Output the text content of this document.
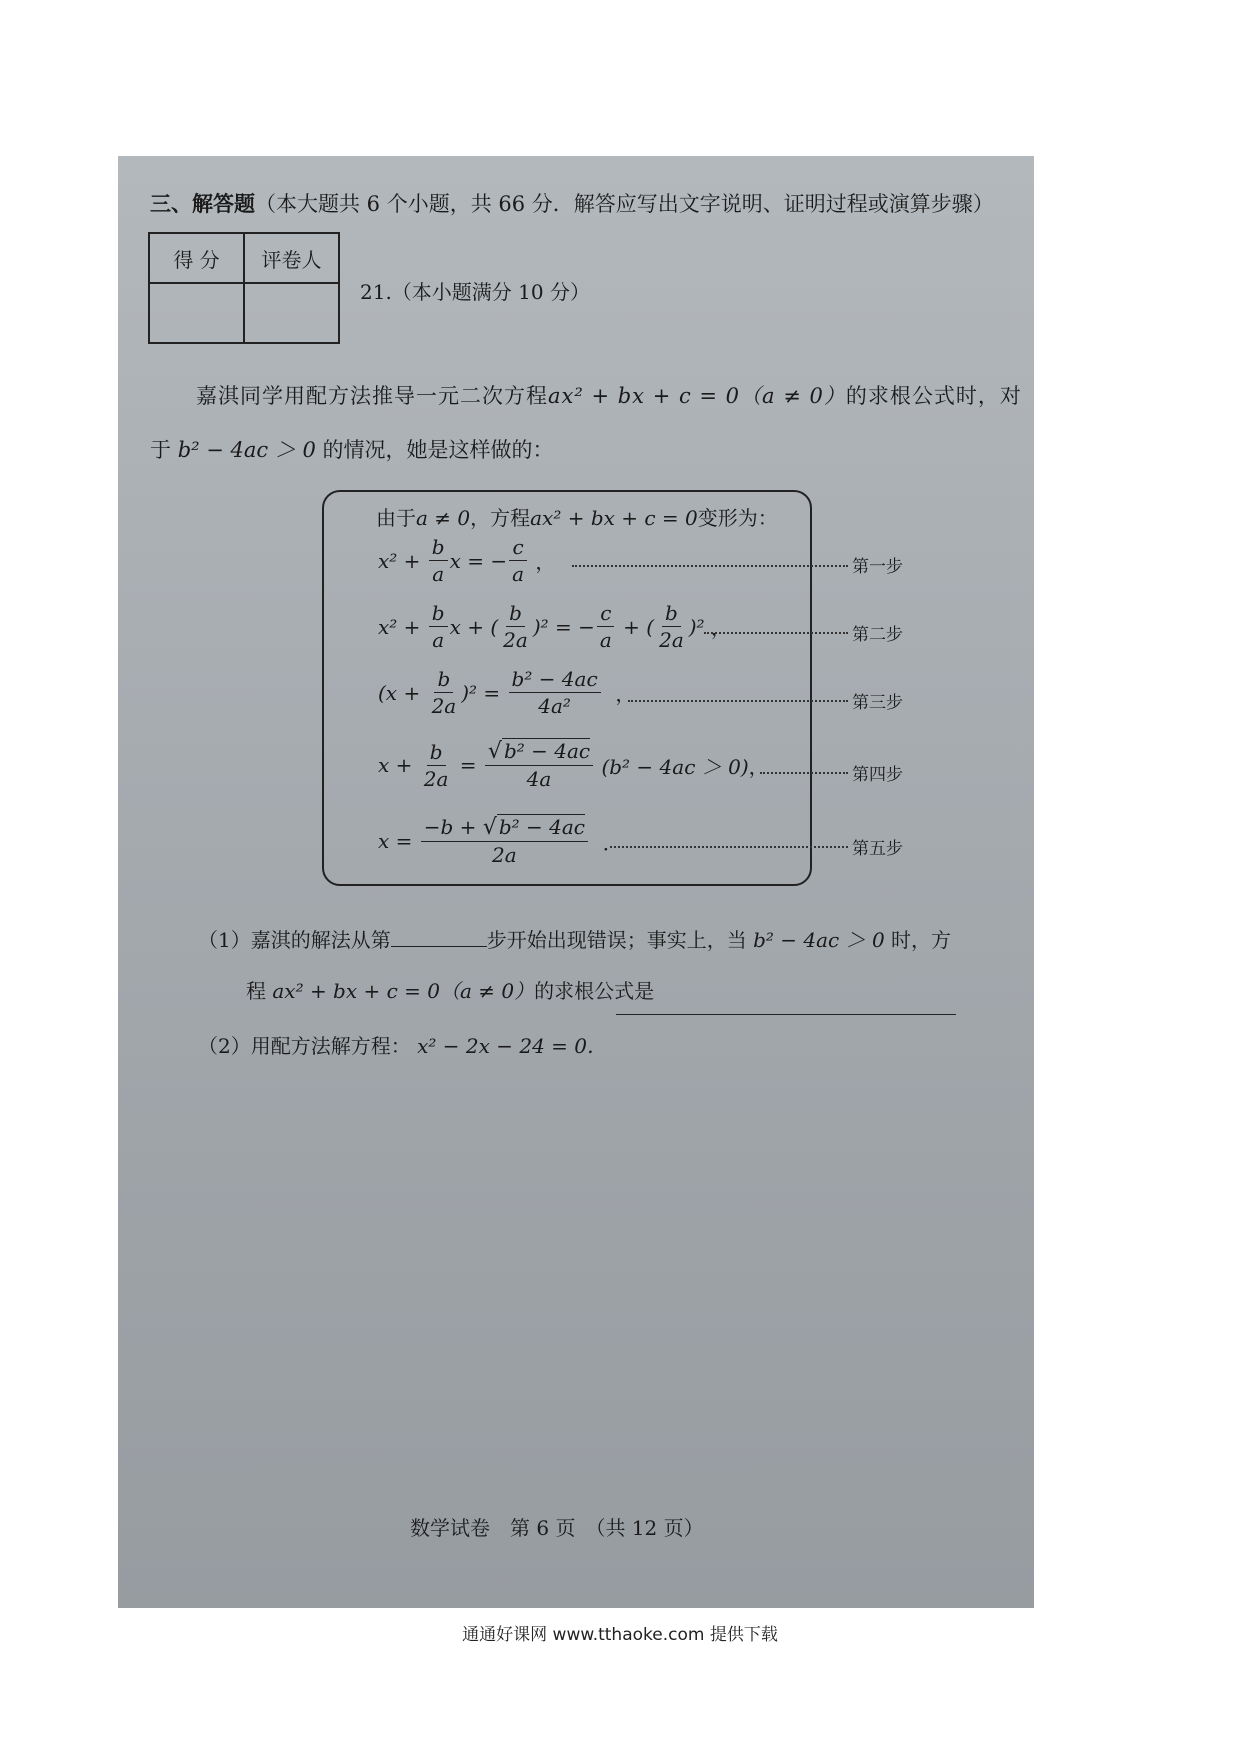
三、解答题（本大题共 6 个小题，共 66 分．解答应写出文字说明、证明过程或演算步骤）
得 分	评卷人

21.（本小题满分 10 分）
嘉淇同学用配方法推导一元二次方程ax² + bx + c = 0（a ≠ 0）的求根公式时，对
于 b² − 4ac ＞ 0 的情况，她是这样做的：
由于a ≠ 0，方程ax² + bx + c = 0变形为：
$x^2 + \frac{b}{a}$ x = − $\frac{c}{a}$ ，	第一步
$x^2 + \frac{b}{a}$ x + ( $\frac{b}{2a} )^2$ = − $\frac{c}{a}$ + ( $\frac{b}{2a} )^2$ ，	第二步
$(x + \frac{b}{2a} )^2 = \frac{\text{b² − 4ac}}{\text{4a²}}$ ，	第三步
$x + \frac{b}{2a} = \frac{\text{√ b² − 4ac}}{4a} (b^2 - 4ac > 0)$ ，	第四步
$x = \frac{\text{−b + √ b² − 4ac}}{2a}$ ．	第五步
（1）嘉淇的解法从第	步开始出现错误；事实上，当 b² − 4ac ＞ 0 时，方
程 ax² + bx + c = 0（a ≠ 0）的求根公式是
（2）用配方法解方程： x² − 2x − 24 = 0．
数学试卷　第 6 页　（共 12 页）
通通好课网 www.tthaoke.com 提供下载
